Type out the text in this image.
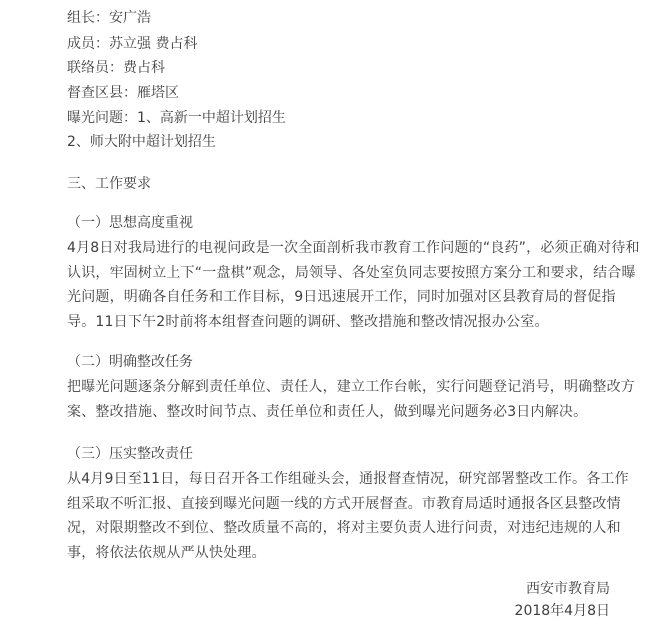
组长：安广浩
成员：苏立强 费占科
联络员：费占科
督查区县：雁塔区
曝光问题：1、高新一中超计划招生
2、师大附中超计划招生
三、工作要求
（一）思想高度重视
4月8日对我局进行的电视问政是一次全面剖析我市教育工作问题的“良药”，必须正确对待和认识，牢固树立上下“一盘棋”观念，局领导、各处室负同志要按照方案分工和要求，结合曝光问题，明确各自任务和工作目标，9日迅速展开工作，同时加强对区县教育局的督促指导。11日下午2时前将本组督查问题的调研、整改措施和整改情况报办公室。
（二）明确整改任务
把曝光问题逐条分解到责任单位、责任人，建立工作台帐，实行问题登记消号，明确整改方案、整改措施、整改时间节点、责任单位和责任人，做到曝光问题务必3日内解决。
（三）压实整改责任
从4月9日至11日，每日召开各工作组碰头会，通报督查情况，研究部署整改工作。各工作组采取不听汇报、直接到曝光问题一线的方式开展督查。市教育局适时通报各区县整改情况，对限期整改不到位、整改质量不高的，将对主要负责人进行问责，对违纪违规的人和事，将依法依规从严从快处理。
西安市教育局
2018年4月8日
